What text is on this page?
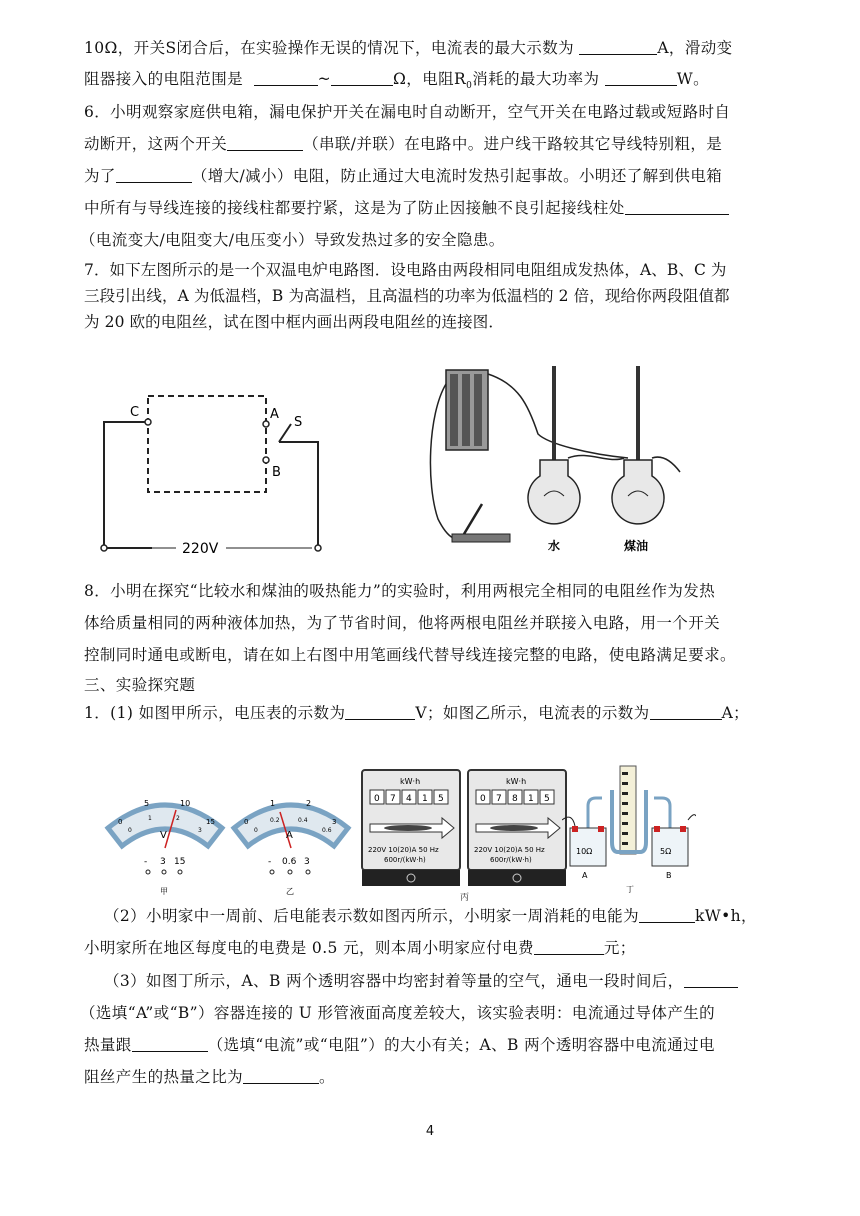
10Ω，开关S闭合后，在实验操作无误的情况下，电流表的最大示数为	A，滑动变
阻器接入的电阻范围是	~	Ω，电阻$R_0$消耗的最大功率为	W。
6．小明观察家庭供电箱，漏电保护开关在漏电时自动断开，空气开关在电路过载或短路时自
动断开，这两个开关	（串联/并联）在电路中。进户线干路较其它导线特别粗，是
为了	（增大/减小）电阻，防止通过大电流时发热引起事故。小明还了解到供电箱
中所有与导线连接的接线柱都要拧紧，这是为了防止因接触不良引起接线柱处
（电流变大/电阻变大/电压变小）导致发热过多的安全隐患。
7．如下左图所示的是一个双温电炉电路图．设电路由两段相同电阻组成发热体，A、B、C 为
三段引出线，A 为低温档，B 为高温档，且高温档的功率为低温档的 2 倍，现给你两段阻值都
为 20 欧的电阻丝，试在图中框内画出两段电阻丝的连接图．
C	A
S
B
220V	水	煤油
8．小明在探究“比较水和煤油的吸热能力”的实验时，利用两根完全相同的电阻丝作为发热
体给质量相同的两种液体加热，为了节省时间，他将两根电阻丝并联接入电路，用一个开关
控制同时通电或断电，请在如上右图中用笔画线代替导线连接完整的电路，使电路满足要求。
三、实验探究题
1．(1) 如图甲所示，电压表的示数为	V；如图乙所示，电流表的示数为	A；
5	10
0	15
0
1	2
3
V
- 3 15
甲
1	2
0	3
0
0.2	0.4
0.6
A
- 0.6 3
乙
kW·h
0 7 4 1 5
220V 10(20)A 50 Hz
600r/(kW·h)
kW·h
0 7 8 1 5
220V 10(20)A 50 Hz
600r/(kW·h)
丙
10Ω	5Ω
A	B
丁
（2）小明家中一周前、后电能表示数如图丙所示，小明家一周消耗的电能为	kW•h，
小明家所在地区每度电的电费是 0.5 元，则本周小明家应付电费	元；
（3）如图丁所示，A、B 两个透明容器中均密封着等量的空气，通电一段时间后，
（选填“A”或“B”）容器连接的 U 形管液面高度差较大，该实验表明：电流通过导体产生的
热量跟	（选填“电流”或“电阻”）的大小有关；A、B 两个透明容器中电流通过电
阻丝产生的热量之比为	。
4
